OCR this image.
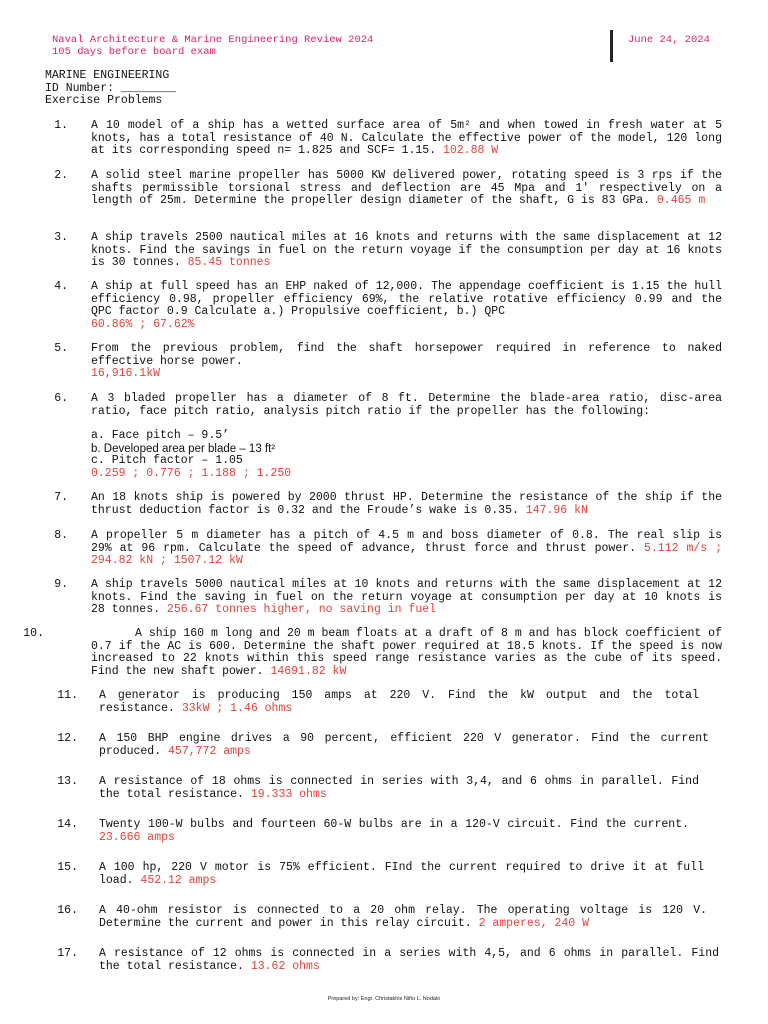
Naval Architecture & Marine Engineering Review 2024
105 days before board exam
June 24, 2024
MARINE ENGINEERING
ID Number: ________
Exercise Problems
1. A 10 model of a ship has a wetted surface area of 5m² and when towed in fresh water at 5 knots, has a total resistance of 40 N. Calculate the effective power of the model, 120 long at its corresponding speed n= 1.825 and SCF= 1.15. 102.88 W
2. A solid steel marine propeller has 5000 KW delivered power, rotating speed is 3 rps if the shafts permissible torsional stress and deflection are 45 Mpa and 1' respectively on a length of 25m. Determine the propeller design diameter of the shaft, G is 83 GPa. 0.465 m
3. A ship travels 2500 nautical miles at 16 knots and returns with the same displacement at 12 knots. Find the savings in fuel on the return voyage if the consumption per day at 16 knots is 30 tonnes. 85.45 tonnes
4. A ship at full speed has an EHP naked of 12,000. The appendage coefficient is 1.15 the hull efficiency 0.98, propeller efficiency 69%, the relative rotative efficiency 0.99 and the QPC factor 0.9 Calculate a.) Propulsive coefficient, b.) QPC
60.86% ; 67.62%
5. From the previous problem, find the shaft horsepower required in reference to naked effective horse power.
16,916.1kW
6. A 3 bladed propeller has a diameter of 8 ft. Determine the blade-area ratio, disc-area ratio, face pitch ratio, analysis pitch ratio if the propeller has the following:
a. Face pitch – 9.5’
b. Developed area per blade – 13 ft²
c. Pitch factor – 1.05
0.259 ; 0.776 ; 1.188 ; 1.250
7. An 18 knots ship is powered by 2000 thrust HP. Determine the resistance of the ship if the thrust deduction factor is 0.32 and the Froude’s wake is 0.35. 147.96 kN
8. A propeller 5 m diameter has a pitch of 4.5 m and boss diameter of 0.8. The real slip is 29% at 96 rpm. Calculate the speed of advance, thrust force and thrust power. 5.112 m/s ; 294.82 kN ; 1507.12 kW
9. A ship travels 5000 nautical miles at 10 knots and returns with the same displacement at 12 knots. Find the saving in fuel on the return voyage at consumption per day at 10 knots is 28 tonnes. 256.67 tonnes higher, no saving in fuel
10.	A ship 160 m long and 20 m beam floats at a draft of 8 m and has block coefficient of 0.7 if the AC is 600. Determine the shaft power required at 18.5 knots. If the speed is now increased to 22 knots within this speed range resistance varies as the cube of its speed. Find the new shaft power. 14691.82 kW
11. A generator is producing 150 amps at 220 V. Find the kW output and the total resistance. 33kW ; 1.46 ohms
12. A 150 BHP engine drives a 90 percent, efficient 220 V generator. Find the current produced. 457,772 amps
13. A resistance of 18 ohms is connected in series with 3,4, and 6 ohms in parallel. Find the total resistance. 19.333 ohms
14. Twenty 100-W bulbs and fourteen 60-W bulbs are in a 120-V circuit. Find the current. 23.666 amps
15. A 100 hp, 220 V motor is 75% efficient. FInd the current required to drive it at full load. 452.12 amps
16. A 40-ohm resistor is connected to a 20 ohm relay. The operating voltage is 120 V. Determine the current and power in this relay circuit. 2 amperes, 240 W
17. A resistance of 12 ohms is connected in a series with 4,5, and 6 ohms in parallel. Find the total resistance. 13.62 ohms
Prepared by: Engr. Christakhis Niño L. Nodalo
